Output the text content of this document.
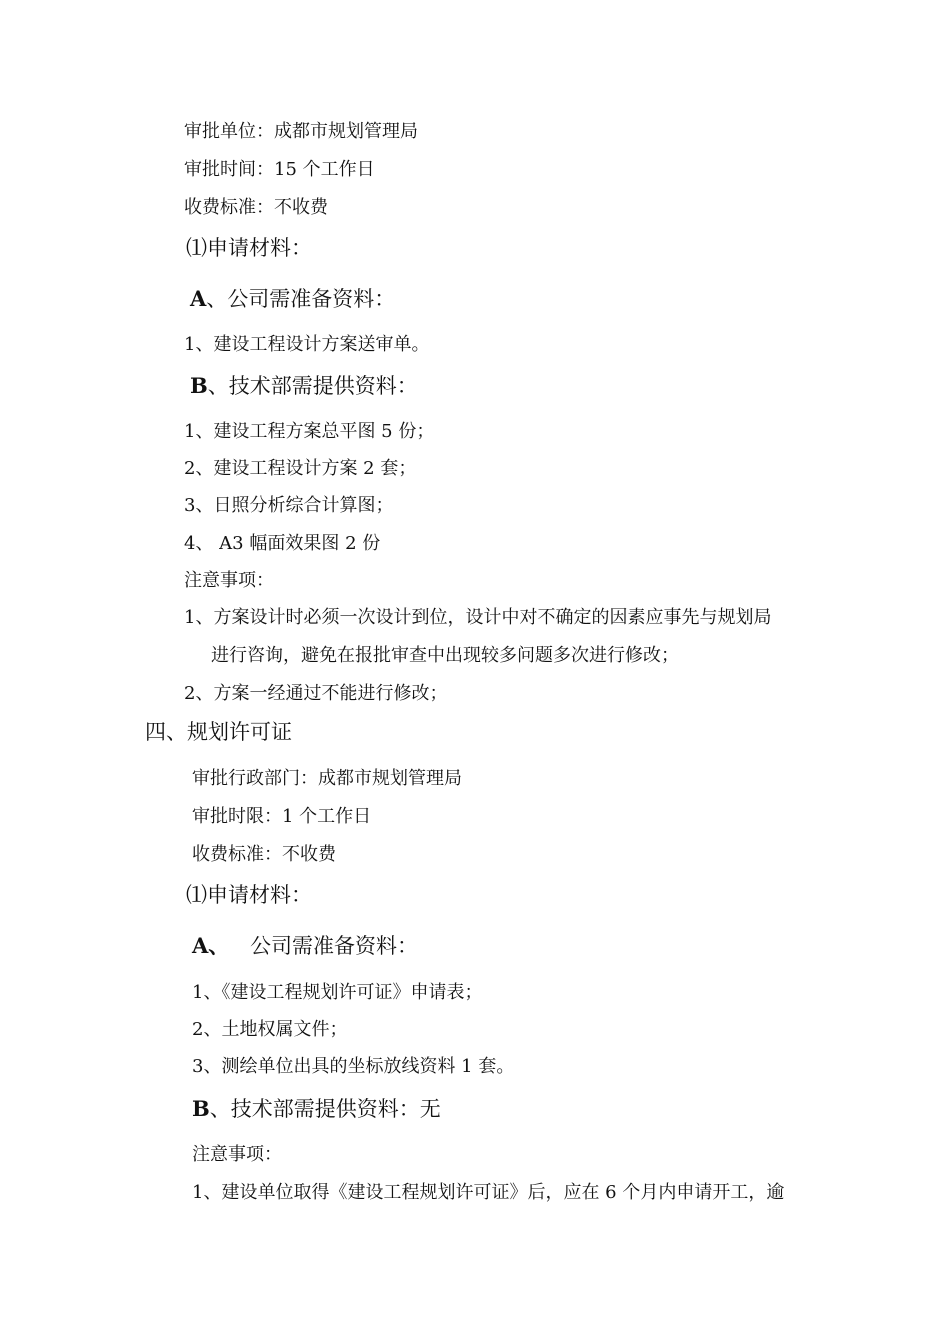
审批单位：成都市规划管理局
审批时间：15 个工作日
收费标准：不收费
⑴申请材料：
A、公司需准备资料：
1、建设工程设计方案送审单。
B、技术部需提供资料：
1、建设工程方案总平图 5 份；
2、建设工程设计方案 2 套；
3、日照分析综合计算图；
4、 A3 幅面效果图 2 份
注意事项：
1、方案设计时必须一次设计到位，设计中对不确定的因素应事先与规划局
进行咨询，避免在报批审查中出现较多问题多次进行修改；
2、方案一经通过不能进行修改；
四、规划许可证
审批行政部门：成都市规划管理局
审批时限：1 个工作日
收费标准：不收费
⑴申请材料：
A、 公司需准备资料：
1、《建设工程规划许可证》申请表；
2、土地权属文件；
3、测绘单位出具的坐标放线资料 1 套。
B、技术部需提供资料：无
注意事项：
1、建设单位取得《建设工程规划许可证》后，应在 6 个月内申请开工，逾
